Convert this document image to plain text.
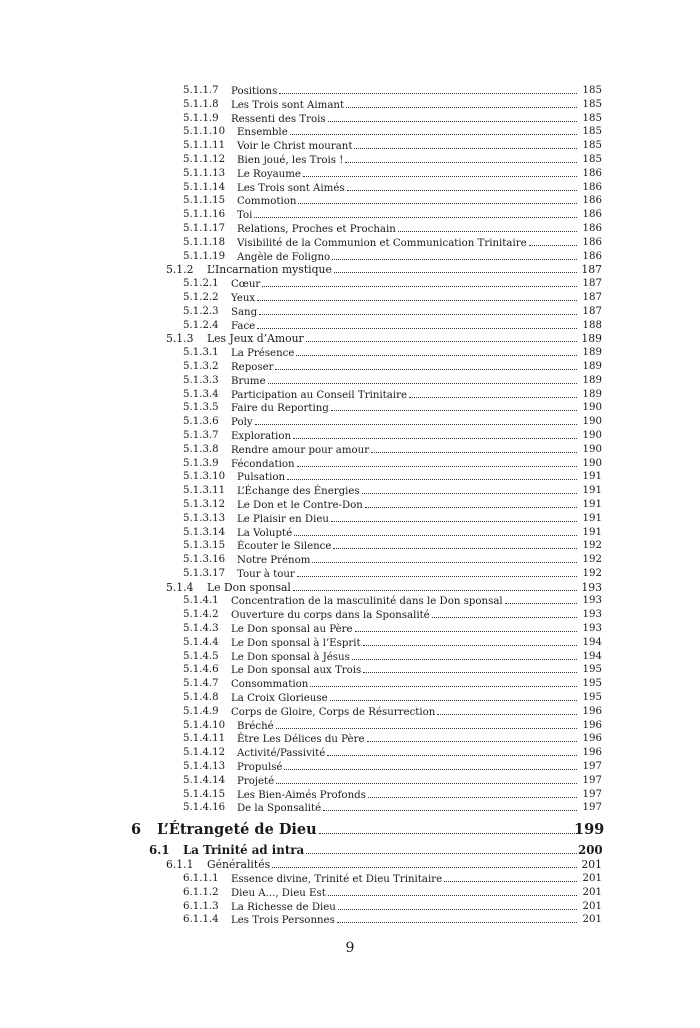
5.1.1.7 Positions	185
5.1.1.8 Les Trois sont Aimant	185
5.1.1.9 Ressenti des Trois	185
5.1.1.10 Ensemble	185
5.1.1.11 Voir le Christ mourant	185
5.1.1.12 Bien joué, les Trois !	185
5.1.1.13 Le Royaume	186
5.1.1.14 Les Trois sont Aimés	186
5.1.1.15 Commotion	186
5.1.1.16 Toi	186
5.1.1.17 Relations, Proches et Prochain	186
5.1.1.18 Visibilité de la Communion et Communication Trinitaire	186
5.1.1.19 Angèle de Foligno	186
5.1.2 L’Incarnation mystique	187
5.1.2.1 Cœur	187
5.1.2.2 Yeux	187
5.1.2.3 Sang	187
5.1.2.4 Face	188
5.1.3 Les Jeux d’Amour	189
5.1.3.1 La Présence	189
5.1.3.2 Reposer	189
5.1.3.3 Brume	189
5.1.3.4 Participation au Conseil Trinitaire	189
5.1.3.5 Faire du Reporting	190
5.1.3.6 Poly	190
5.1.3.7 Exploration	190
5.1.3.8 Rendre amour pour amour	190
5.1.3.9 Fécondation	190
5.1.3.10 Pulsation	191
5.1.3.11 L’Échange des Énergies	191
5.1.3.12 Le Don et le Contre-Don	191
5.1.3.13 Le Plaisir en Dieu	191
5.1.3.14 La Volupté	191
5.1.3.15 Écouter le Silence	192
5.1.3.16 Notre Prénom	192
5.1.3.17 Tour à tour	192
5.1.4 Le Don sponsal	193
5.1.4.1 Concentration de la masculinité dans le Don sponsal	193
5.1.4.2 Ouverture du corps dans la Sponsalité	193
5.1.4.3 Le Don sponsal au Père	193
5.1.4.4 Le Don sponsal à l’Esprit	194
5.1.4.5 Le Don sponsal à Jésus	194
5.1.4.6 Le Don sponsal aux Trois	195
5.1.4.7 Consommation	195
5.1.4.8 La Croix Glorieuse	195
5.1.4.9 Corps de Gloire, Corps de Résurrection	196
5.1.4.10 Bréché	196
5.1.4.11 Être Les Délices du Père	196
5.1.4.12 Activité/Passivité	196
5.1.4.13 Propulsé	197
5.1.4.14 Projeté	197
5.1.4.15 Les Bien-Aimés Profonds	197
5.1.4.16 De la Sponsalité	197
6 L’Étrangeté de Dieu	199
6.1 La Trinité ad intra	200
6.1.1 Généralités	201
6.1.1.1 Essence divine, Trinité et Dieu Trinitaire	201
6.1.1.2 Dieu A..., Dieu Est	201
6.1.1.3 La Richesse de Dieu	201
6.1.1.4 Les Trois Personnes	201
9
